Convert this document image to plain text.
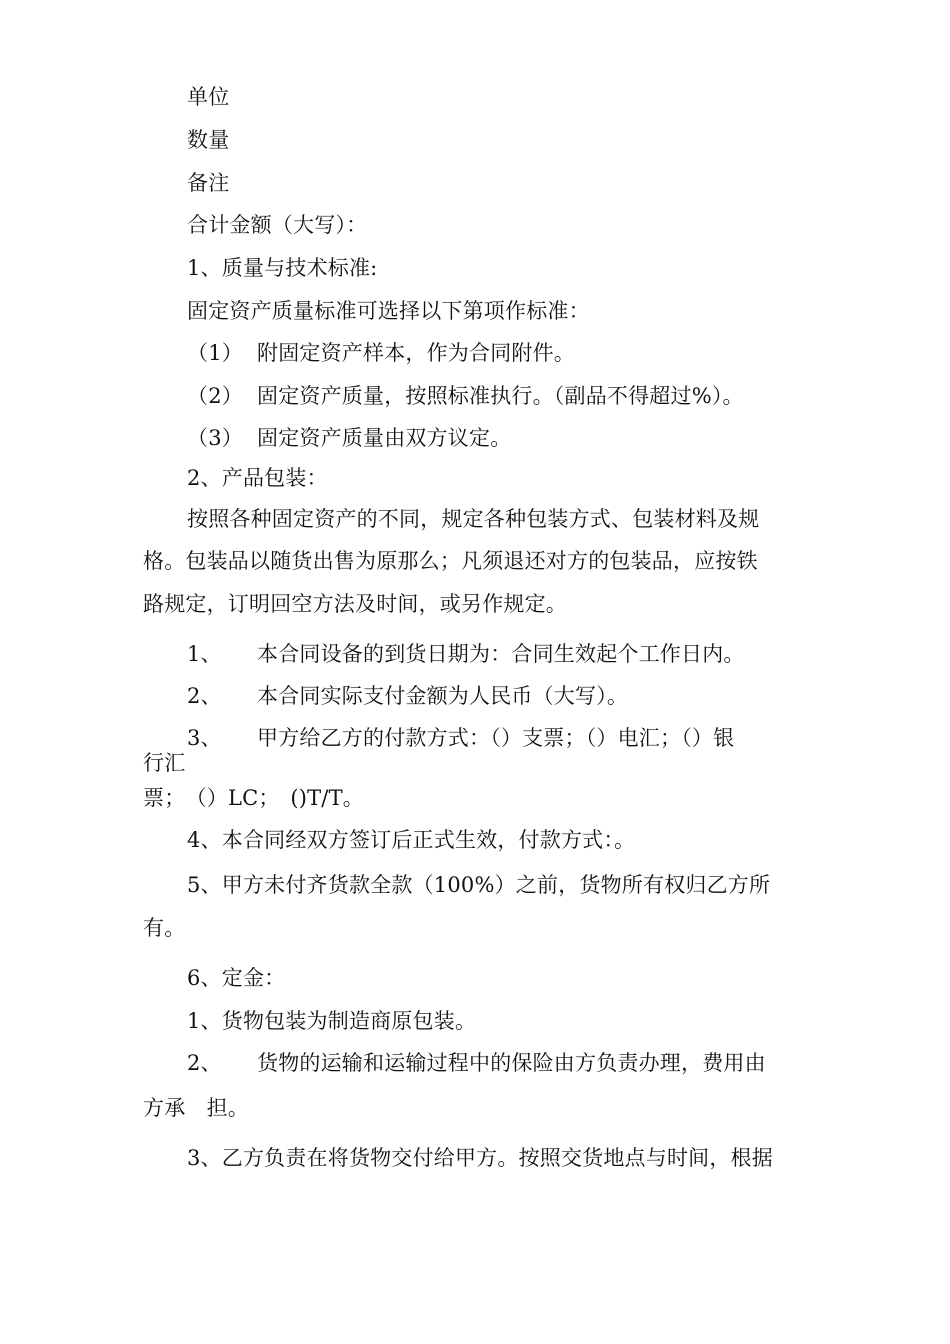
单位
数量
备注
合计金额（大写）：
1、质量与技术标准:
固定资产质量标准可选择以下第项作标准：
（1） 附固定资产样本，作为合同附件。
（2） 固定资产质量，按照标准执行。（副品不得超过%）。
（3） 固定资产质量由双方议定。
2、产品包装：
按照各种固定资产的不同，规定各种包装方式、包装材料及规
格。包装品以随货出售为原那么；凡须退还对方的包装品，应按铁
路规定，订明回空方法及时间，或另作规定。
1、 本合同设备的到货日期为：合同生效起个工作日内。
2、 本合同实际支付金额为人民币（大写）。
3、 甲方给乙方的付款方式：（）支票；（）电汇；（）银
行汇
票；　（）LC；　()T/T。
4、本合同经双方签订后正式生效，付款方式：。
5、甲方未付齐货款全款（100%）之前，货物所有权归乙方所
有。
6、定金：
1、货物包装为制造商原包装。
2、 货物的运输和运输过程中的保险由方负责办理，费用由
方承　担。
3、乙方负责在将货物交付给甲方。按照交货地点与时间，根据
